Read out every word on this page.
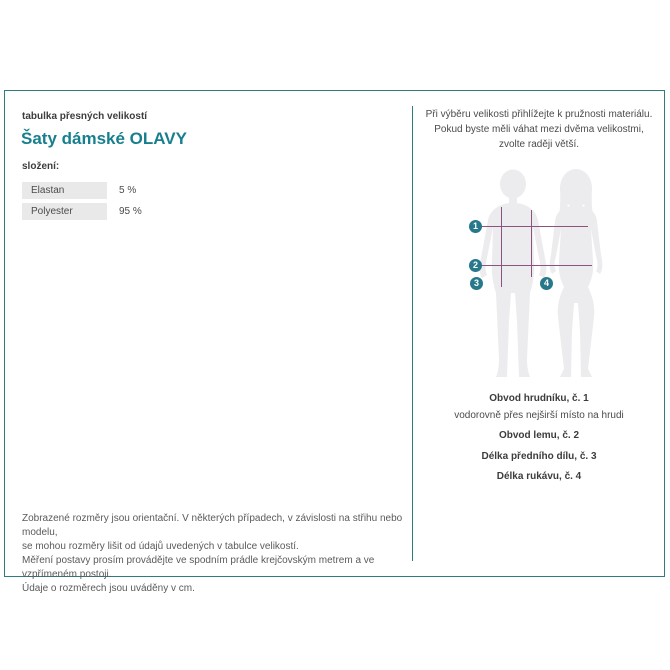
tabulka přesných velikostí
Šaty dámské OLAVY
složení:
Elastan	5 %
Polyester	95 %
Zobrazené rozměry jsou orientační. V některých případech, v závislosti na střihu nebo modelu,
se mohou rozměry lišit od údajů uvedených v tabulce velikostí.
Měření postavy prosím provádějte ve spodním prádle krejčovským metrem a ve vzpřímeném postoji.
Údaje o rozměrech jsou uváděny v cm.
Při výběru velikosti přihlížejte k pružnosti materiálu.
Pokud byste měli váhat mezi dvěma velikostmi,
zvolte raději větší.
1
2
3	4
Obvod hrudníku, č. 1
vodorovně přes nejširší místo na hrudi
Obvod lemu, č. 2
Délka předního dílu, č. 3
Délka rukávu, č. 4
